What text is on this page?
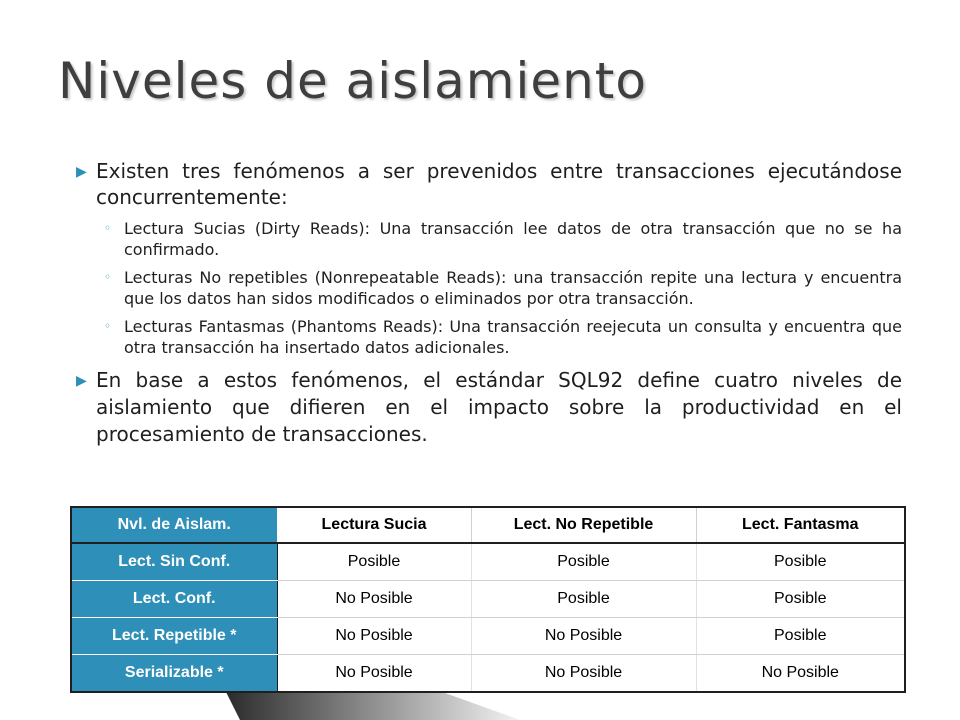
Niveles de aislamiento
▶ Existen tres fenómenos a ser prevenidos entre transacciones ejecutándose concurrentemente:
◦ Lectura Sucias (Dirty Reads): Una transacción lee datos de otra transacción que no se ha confirmado.
◦ Lecturas No repetibles (Nonrepeatable Reads): una transacción repite una lectura y encuentra que los datos han sidos modificados o eliminados por otra transacción.
◦ Lecturas Fantasmas (Phantoms Reads): Una transacción reejecuta un consulta y encuentra que otra transacción ha insertado datos adicionales.
▶ En base a estos fenómenos, el estándar SQL92 define cuatro niveles de aislamiento que difieren en el impacto sobre la productividad en el procesamiento de transacciones.
Nvl. de Aislam.	Lectura Sucia	Lect. No Repetible	Lect. Fantasma
Lect. Sin Conf.	Posible	Posible	Posible
Lect. Conf.	No Posible	Posible	Posible
Lect. Repetible *	No Posible	No Posible	Posible
Serializable *	No Posible	No Posible	No Posible
